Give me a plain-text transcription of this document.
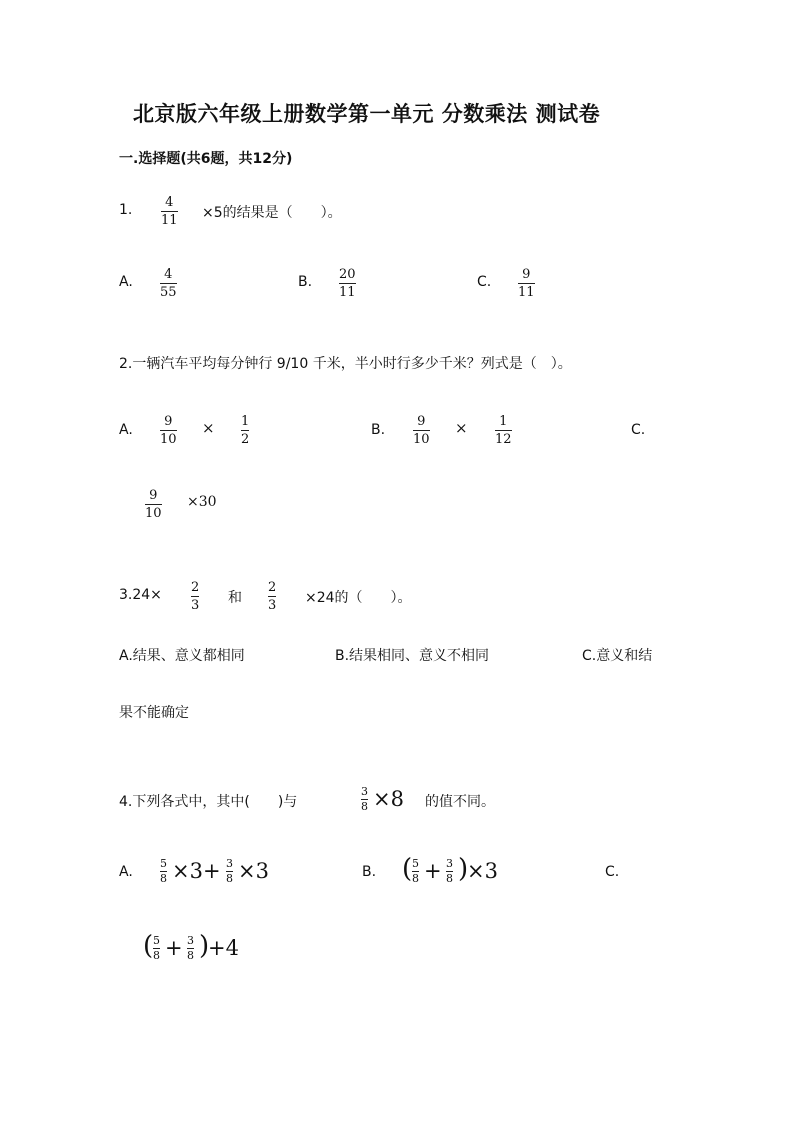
北京版六年级上册数学第一单元 分数乘法 测试卷
一.选择题(共6题，共12分)
1.	4
11 ×5的结果是（　　）。
A. 4
55
B. 20
11
C. 9
11
2.一辆汽车平均每分钟行 9/10 千米，半小时行多少千米？列式是（　）。
A.
9
10
× 1
2
B.
9
10
× 1
12
C.
9
10
×30
3.24× 2
3 和
2
3 ×24的（　　）。
A.结果、意义都相同	B.结果相同、意义不相同	C.意义和结
果不能确定
4.下列各式中，其中(　　)与
3
8 ×8 的值不同。
A.
5
8 ×3+ 3
8 ×3	B. ( 5
8 + 3
8 )
×3	C.
( 5
8 + 3
8 )
+4
